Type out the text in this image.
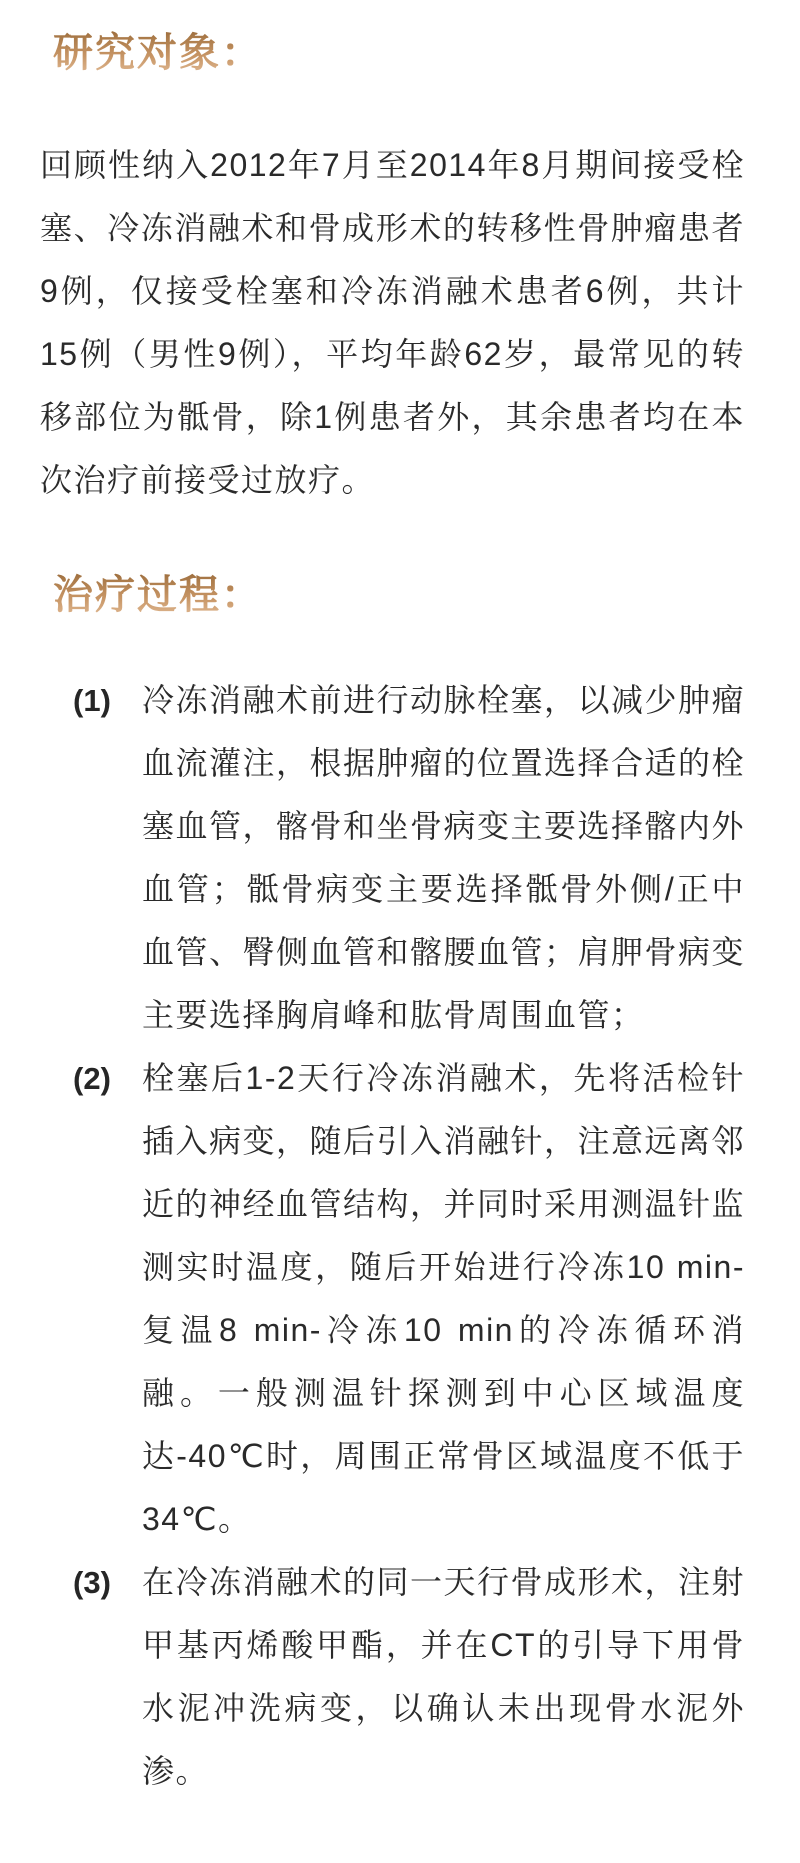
研究对象：

回顾性纳入2012年7月至2014年8月期间接受栓塞、冷冻消融术和骨成形术的转移性骨肿瘤患者9例，仅接受栓塞和冷冻消融术患者6例，共计15例（男性9例），平均年龄62岁，最常见的转移部位为骶骨，除1例患者外，其余患者均在本次治疗前接受过放疗。

治疗过程：
(1) 冷冻消融术前进行动脉栓塞，以减少肿瘤血流灌注，根据肿瘤的位置选择合适的栓塞血管，髂骨和坐骨病变主要选择髂内外血管；骶骨病变主要选择骶骨外侧/正中血管、臀侧血管和髂腰血管；肩胛骨病变主要选择胸肩峰和肱骨周围血管；
(2) 栓塞后1-2天行冷冻消融术，先将活检针插入病变，随后引入消融针，注意远离邻近的神经血管结构，并同时采用测温针监测实时温度，随后开始进行冷冻10 min-复温8 min-冷冻10 min的冷冻循环消融。一般测温针探测到中心区域温度达-40℃时，周围正常骨区域温度不低于34℃。
(3) 在冷冻消融术的同一天行骨成形术，注射甲基丙烯酸甲酯，并在CT的引导下用骨水泥冲洗病变，以确认未出现骨水泥外渗。
